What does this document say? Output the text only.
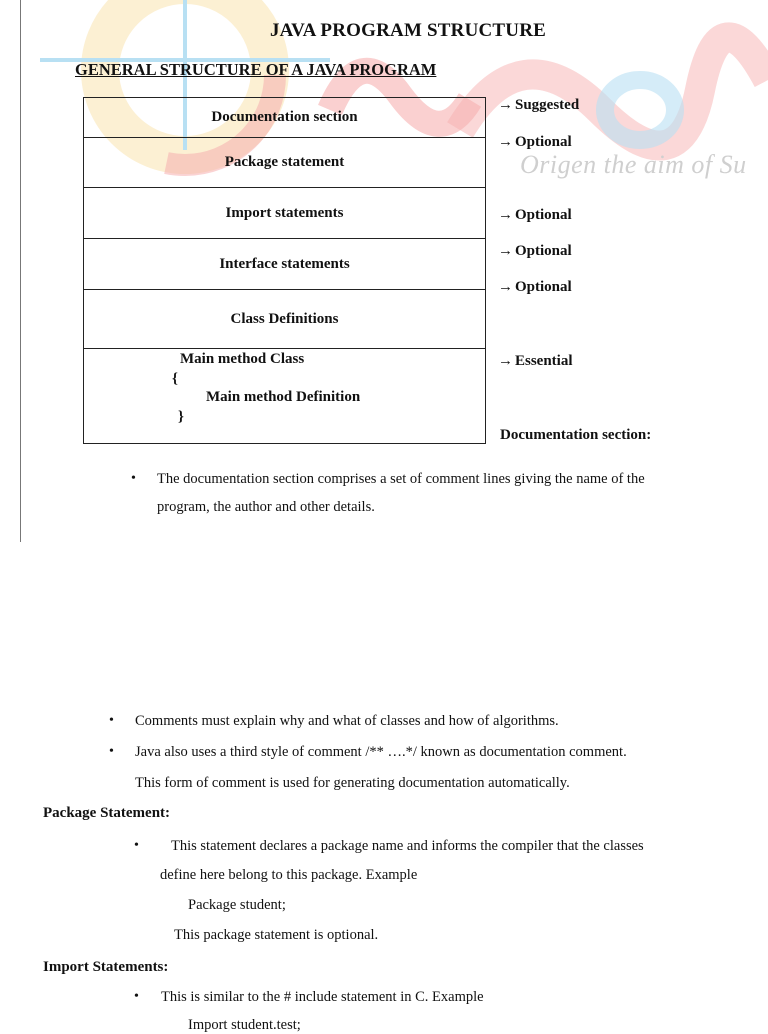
Origen the aim of Su
JAVA PROGRAM STRUCTURE
GENERAL STRUCTURE OF A JAVA PROGRAM
Documentation section
Package statement
Import statements
Interface statements
Class Definitions
Main method Class
{
Main method Definition
}
→ Suggested
→ Optional
→ Optional
→ Optional
→ Optional
→ Essential
Documentation section:
• The documentation section comprises a set of comment lines giving the name of the
program, the author and other details.
• Comments must explain why and what of classes and how of algorithms.
• Java also uses a third style of comment /** ….*/ known as documentation comment.
This form of comment is used for generating documentation automatically.
Package Statement:
• This statement declares a package name and informs the compiler that the classes
define here belong to this package. Example
Package student;
This package statement is optional.
Import Statements:
• This is similar to the # include statement in C. Example
Import student.test;
